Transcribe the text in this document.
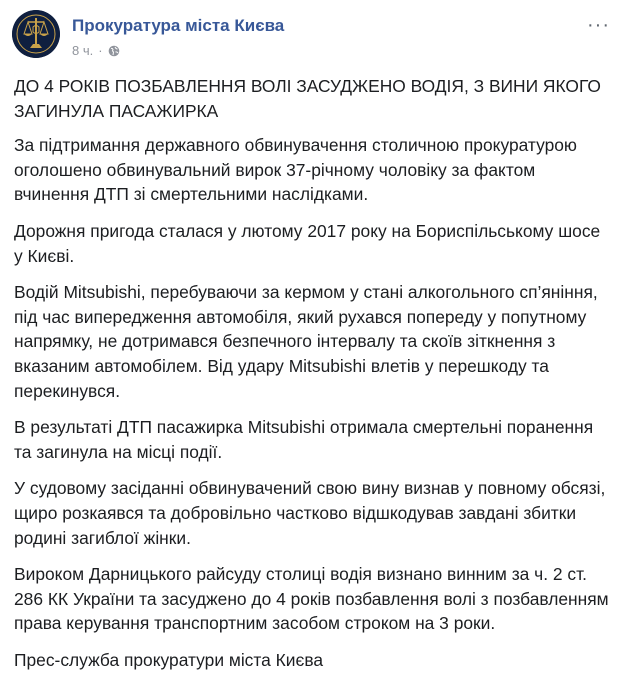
Прокуратура міста Києва
8 ч. ·
···

ДО 4 РОКІВ ПОЗБАВЛЕННЯ ВОЛІ ЗАСУДЖЕНО ВОДІЯ, З ВИНИ ЯКОГО ЗАГИНУЛА ПАСАЖИРКА

За підтримання державного обвинувачення столичною прокуратурою оголошено обвинувальний вирок 37-річному чоловіку за фактом вчинення ДТП зі смертельними наслідками.

Дорожня пригода сталася у лютому 2017 року на Бориспільському шосе у Києві.

Водій Mitsubishi, перебуваючи за кермом у стані алкогольного сп’яніння, під час випередження автомобіля, який рухався попереду у попутному напрямку, не дотримався безпечного інтервалу та скоїв зіткнення з вказаним автомобілем. Від удару Mitsubishi влетів у перешкоду та перекинувся.

В результаті ДТП пасажирка Mitsubishi отримала смертельні поранення та загинула на місці події.

У судовому засіданні обвинувачений свою вину визнав у повному обсязі, щиро розкаявся та добровільно частково відшкодував завдані збитки родині загиблої жінки.

Вироком Дарницького райсуду столиці водія визнано винним за ч. 2 ст. 286 КК України та засуджено до 4 років позбавлення волі з позбавленням права керування транспортним засобом строком на 3 роки.

Прес-служба прокуратури міста Києва
